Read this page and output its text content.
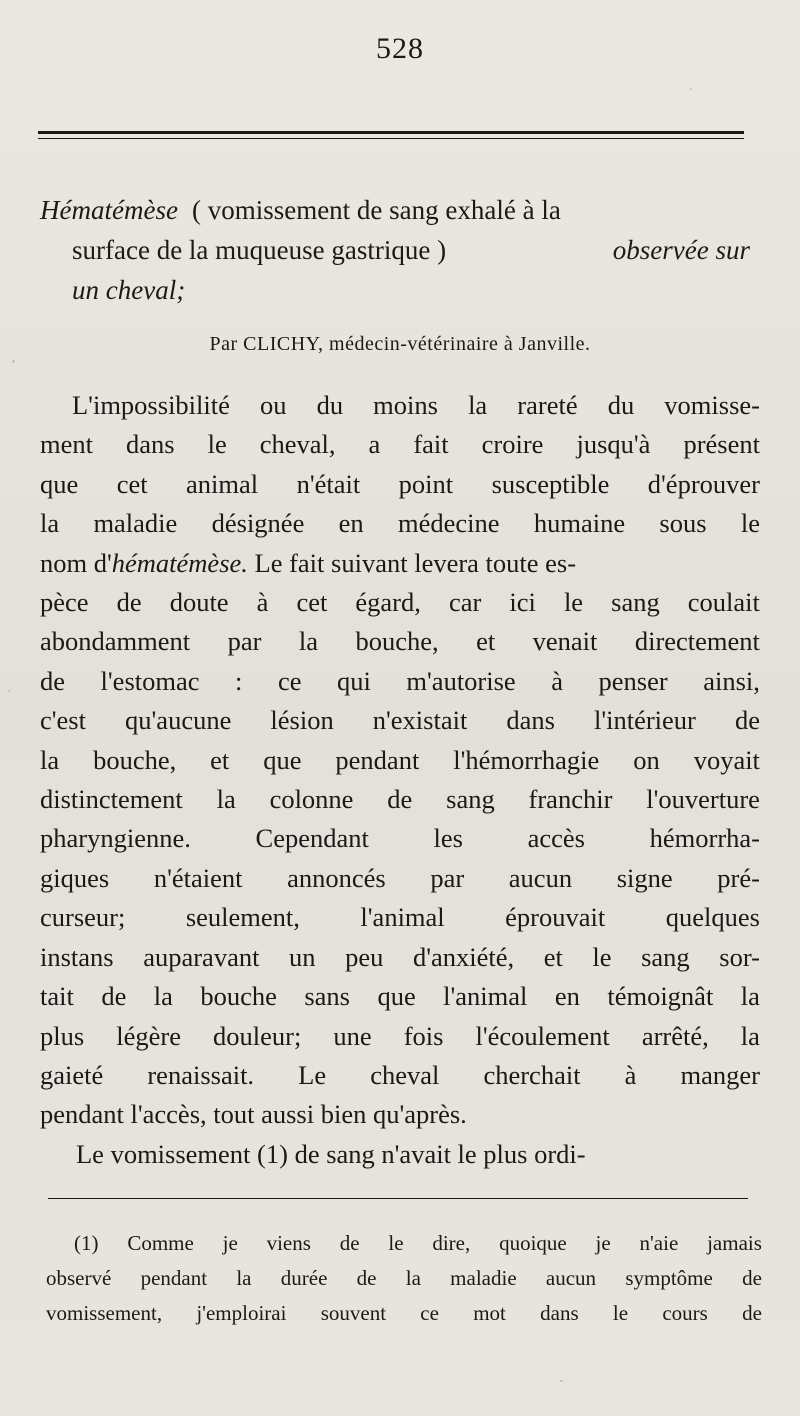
528
Hématémèse ( vomissement de sang exhalé à la
surface de la muqueuse gastrique )	observée sur
un cheval;
Par CLICHY, médecin-vétérinaire à Janville.
L'impossibilité ou du moins la rareté du vomisse-
ment dans le cheval, a fait croire jusqu'à présent
que cet animal n'était point susceptible d'éprouver
la maladie désignée en médecine humaine sous le
nom d'hématémèse. Le fait suivant levera toute es-
pèce de doute à cet égard, car ici le sang coulait
abondamment par la bouche, et venait directement
de l'estomac : ce qui m'autorise à penser ainsi,
c'est qu'aucune lésion n'existait dans l'intérieur de
la bouche, et que pendant l'hémorrhagie on voyait
distinctement la colonne de sang franchir l'ouverture
pharyngienne. Cependant les accès hémorrha-
giques n'étaient annoncés par aucun signe pré-
curseur; seulement, l'animal éprouvait quelques
instans auparavant un peu d'anxiété, et le sang sor-
tait de la bouche sans que l'animal en témoignât la
plus légère douleur; une fois l'écoulement arrêté, la
gaieté renaissait. Le cheval cherchait à manger
pendant l'accès, tout aussi bien qu'après.
Le vomissement (1) de sang n'avait le plus ordi-
(1) Comme je viens de le dire, quoique je n'aie jamais
observé pendant la durée de la maladie aucun symptôme de
vomissement, j'emploirai souvent ce mot dans le cours de
